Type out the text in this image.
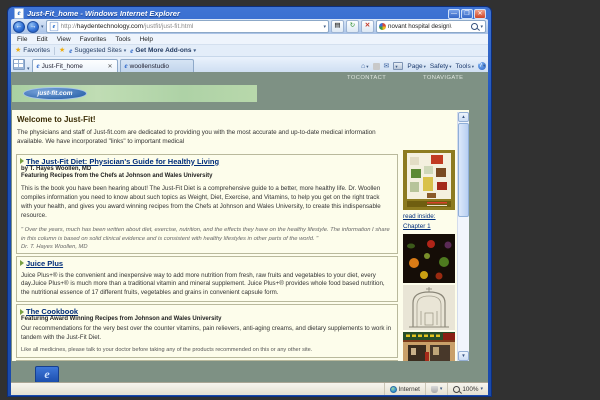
e Just-Fit_home - Windows Internet Explorer	—	❐	✕
←	→ ▾	e http://haydentechnology.com/justfit/just-fit.html	▾	▤	↻	✕	novant hospital design\	▾
File Edit View Favorites Tools Help
★ Favorites ★ e Suggested Sites ▾ e Get More Add-ons ▾
▾ e Just-Fit_home	✕ e woollenstudio	⌂ ▾	✉ ▾	Page ▾	Safety ▾	Tools ▾	? ▾
TOCONTACT	TONAVIGATE
just-fit.com
Welcome to Just-Fit!

The physicians and staff of Just-fit.com are dedicated to providing you with the most accurate and up-to-date medical information available. We have incorporated "links" to important medical

The Just-Fit Diet: Physician's Guide for Healthy Living
by T. Hayes Woollen, MD
Featuring Recipes from the Chefs at Johnson and Wales University

This is the book you have been hearing about! The Just-Fit Diet is a comprehensive guide to a better, more healthy life. Dr. Woollen compiles information you need to know about such topics as Weight, Diet, Exercise, and Vitamins, to help you get on the right track with your health, and gives you award winning recipes from the Chefs at Johnson and Wales University, to create this indispensable resource.

" Over the years, much has been written about diet, exercise, nutrition, and the effects they have on the healthy lifestyle. The information I share in this column is based on solid clinical evidence and is consistent with healthy lifestyles in other parts of the world. "

Dr. T. Hayes Woollen, MD

Juice Plus

Juice Plus+® is the convenient and inexpensive way to add more nutrition from fresh, raw fruits and vegetables to your diet, every day.Juice Plus+® is much more than a traditional vitamin and mineral supplement. Juice Plus+® provides whole food based nutrition, the nutritional essence of 17 different fruits, vegetables and grains in convenient capsule form.

The Cookbook
Featuring Award Winning Recipes from Johnson and Wales University

Our recommendations for the very best over the counter vitamins, pain relievers, anti-aging creams, and dietary supplements to work in tandem with the Just-Fit Diet.

Like all medicines, please talk to your doctor before taking any of the products recommended on this or any other site.

read inside:
Chapter 1
▲
▼
e
Internet	▾	100% ▾
